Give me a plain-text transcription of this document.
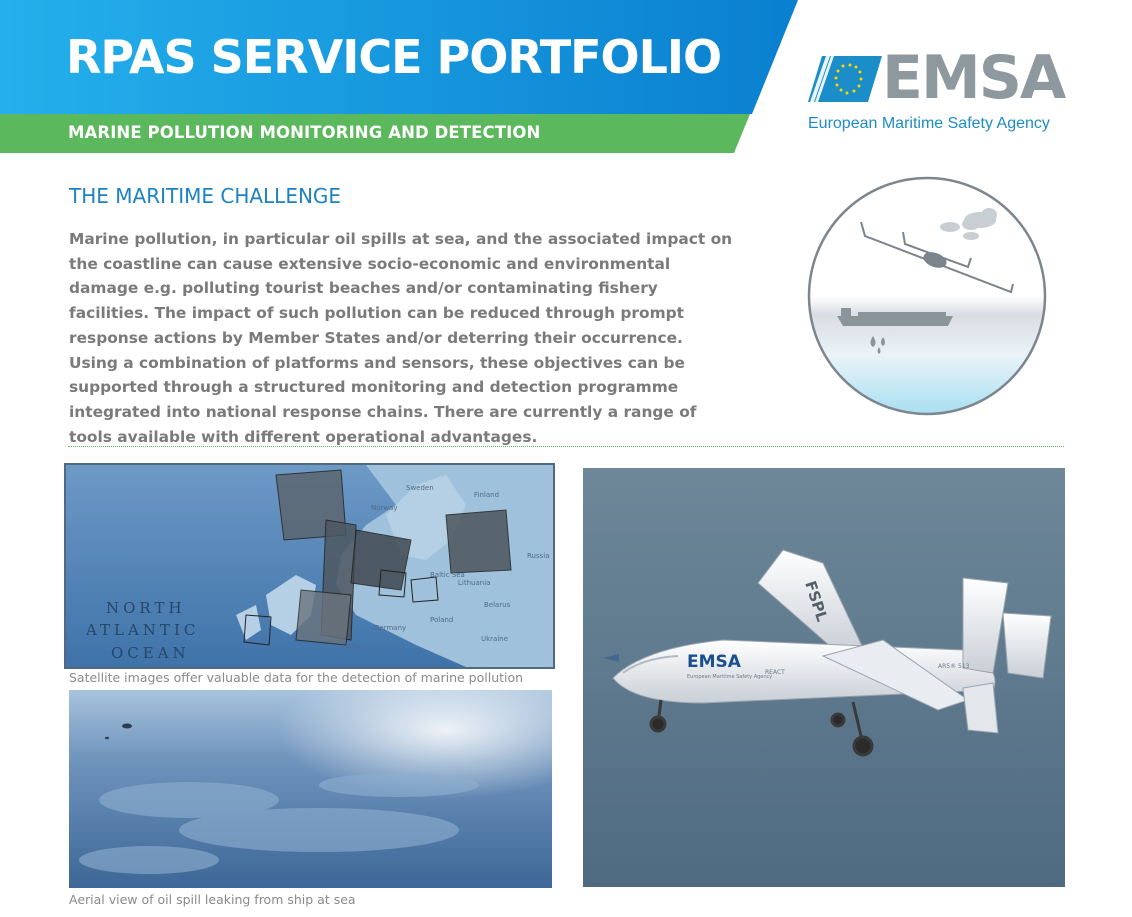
RPAS SERVICE PORTFOLIO
MARINE POLLUTION MONITORING AND DETECTION
EMSA
European Maritime Safety Agency
THE MARITIME CHALLENGE
Marine pollution, in particular oil spills at sea, and the associated impact on the coastline can cause extensive socio-economic and environmental damage e.g. polluting tourist beaches and/or contaminating fishery facilities. The impact of such pollution can be reduced through prompt response actions by Member States and/or deterring their occurrence. Using a combination of platforms and sensors, these objectives can be supported through a structured monitoring and detection programme integrated into national response chains. There are currently a range of tools available with different operational advantages.
NORTH
ATLANTIC
OCEAN
Sweden
Finland
Norway
Russia
Lithuania
Belarus
Poland
Germany
Ukraine
Paris
Baltic Sea
Satellite images offer valuable data for the detection of marine pollution
Aerial view of oil spill leaking from ship at sea
EMSA
European Maritime Safety Agency
REACT
AR5® 513
FSPL
